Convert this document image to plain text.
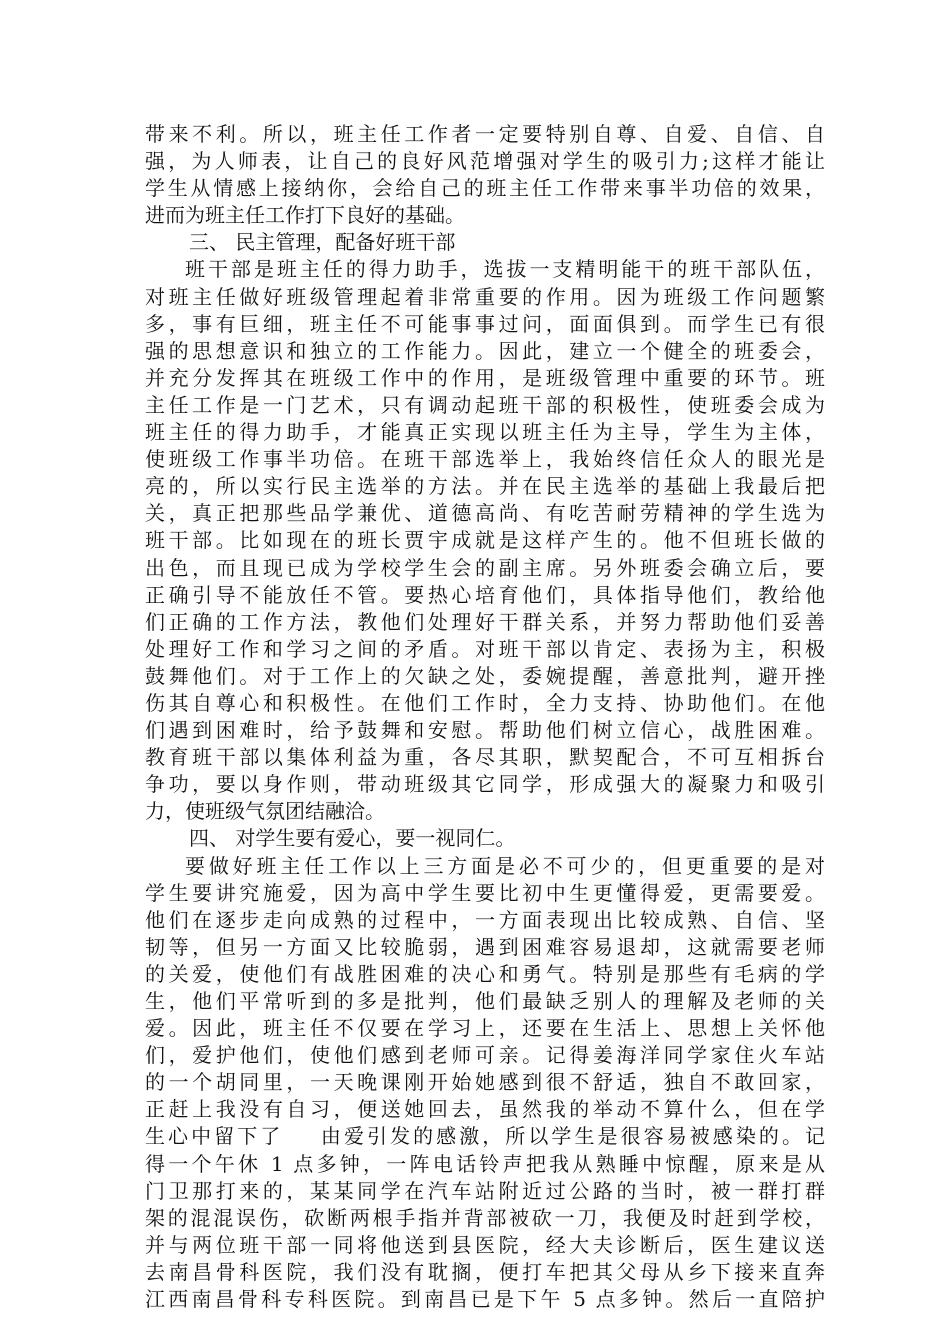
带来不利。所以，班主任工作者一定要特别自尊、自爱、自信、自
强，为人师表，让自己的良好风范增强对学生的吸引力;这样才能让
学生从情感上接纳你，会给自己的班主任工作带来事半功倍的效果，
进而为班主任工作打下良好的基础。
三、 民主管理，配备好班干部
班干部是班主任的得力助手，选拔一支精明能干的班干部队伍，
对班主任做好班级管理起着非常重要的作用。因为班级工作问题繁
多，事有巨细，班主任不可能事事过问，面面俱到。而学生已有很
强的思想意识和独立的工作能力。因此，建立一个健全的班委会，
并充分发挥其在班级工作中的作用，是班级管理中重要的环节。班
主任工作是一门艺术，只有调动起班干部的积极性，使班委会成为
班主任的得力助手，才能真正实现以班主任为主导，学生为主体，
使班级工作事半功倍。在班干部选举上，我始终信任众人的眼光是
亮的，所以实行民主选举的方法。并在民主选举的基础上我最后把
关，真正把那些品学兼优、道德高尚、有吃苦耐劳精神的学生选为
班干部。比如现在的班长贾宇成就是这样产生的。他不但班长做的
出色，而且现已成为学校学生会的副主席。另外班委会确立后，要
正确引导不能放任不管。要热心培育他们，具体指导他们，教给他
们正确的工作方法，教他们处理好干群关系，并努力帮助他们妥善
处理好工作和学习之间的矛盾。对班干部以肯定、表扬为主，积极
鼓舞他们。对于工作上的欠缺之处，委婉提醒，善意批判，避开挫
伤其自尊心和积极性。在他们工作时，全力支持、协助他们。在他
们遇到困难时，给予鼓舞和安慰。帮助他们树立信心，战胜困难。
教育班干部以集体利益为重，各尽其职，默契配合，不可互相拆台
争功，要以身作则，带动班级其它同学，形成强大的凝聚力和吸引
力，使班级气氛团结融洽。
四、 对学生要有爱心，要一视同仁。
要做好班主任工作以上三方面是必不可少的，但更重要的是对
学生要讲究施爱，因为高中学生要比初中生更懂得爱，更需要爱。
他们在逐步走向成熟的过程中，一方面表现出比较成熟、自信、坚
韧等，但另一方面又比较脆弱，遇到困难容易退却，这就需要老师
的关爱，使他们有战胜困难的决心和勇气。特别是那些有毛病的学
生，他们平常听到的多是批判，他们最缺乏别人的理解及老师的关
爱。因此，班主任不仅要在学习上，还要在生活上、思想上关怀他
们，爱护他们，使他们感到老师可亲。记得姜海洋同学家住火车站
的一个胡同里，一天晚课刚开始她感到很不舒适，独自不敢回家，
正赶上我没有自习，便送她回去，虽然我的举动不算什么，但在学
生心中留下了    由爱引发的感激，所以学生是很容易被感染的。记
得一个午休 1 点多钟，一阵电话铃声把我从熟睡中惊醒，原来是从
门卫那打来的，某某同学在汽车站附近过公路的当时，被一群打群
架的混混误伤，砍断两根手指并背部被砍一刀，我便及时赶到学校，
并与两位班干部一同将他送到县医院，经大夫诊断后，医生建议送
去南昌骨科医院，我们没有耽搁，便打车把其父母从乡下接来直奔
江西南昌骨科专科医院。到南昌已是下午 5 点多钟。然后一直陪护
